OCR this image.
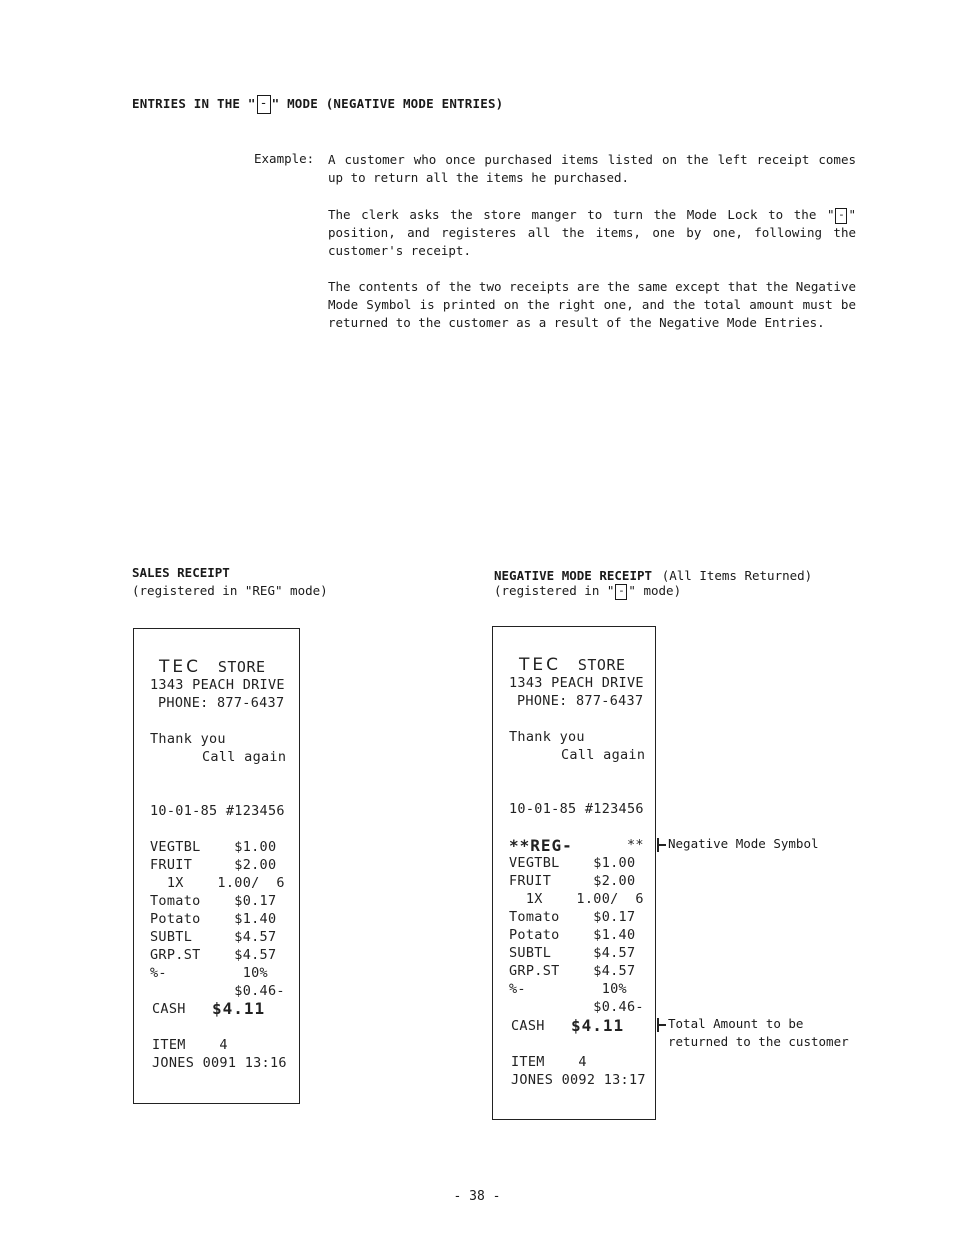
ENTRIES IN THE " - " MODE (NEGATIVE MODE ENTRIES)
Example: A customer who once purchased items listed on the left receipt comes up to return all the items he purchased.
The clerk asks the store manger to turn the Mode Lock to the " - " position, and registeres all the items, one by one, following the customer's receipt.
The contents of the two receipts are the same except that the Negative Mode Symbol is printed on the right one, and the total amount must be returned to the customer as a result of the Negative Mode Entries.
SALES RECEIPT
(registered in "REG" mode)
TEC STORE
1343 PEACH DRIVE
PHONE: 877-6437
Thank you
Call again
10-01-85 #123456
VEGTBL    $1.00
FRUIT     $2.00
1X    1.00/  6
Tomato    $0.17
Potato    $1.40
SUBTL     $4.57
GRP.ST    $4.57
%-         10%
$0.46-
CASH $4.11
ITEM    4
JONES 0091 13:16
NEGATIVE MODE RECEIPT (All Items Returned)
(registered in " - " mode)
TEC STORE
1343 PEACH DRIVE
PHONE: 877-6437
Thank you
Call again
10-01-85 #123456
**REG-	**
VEGTBL    $1.00
FRUIT     $2.00
1X    1.00/  6
Tomato    $0.17
Potato    $1.40
SUBTL     $4.57
GRP.ST    $4.57
%-         10%
$0.46-
CASH $4.11
ITEM    4
JONES 0092 13:17
Negative Mode Symbol
Total Amount to be
returned to the customer
- 38 -
